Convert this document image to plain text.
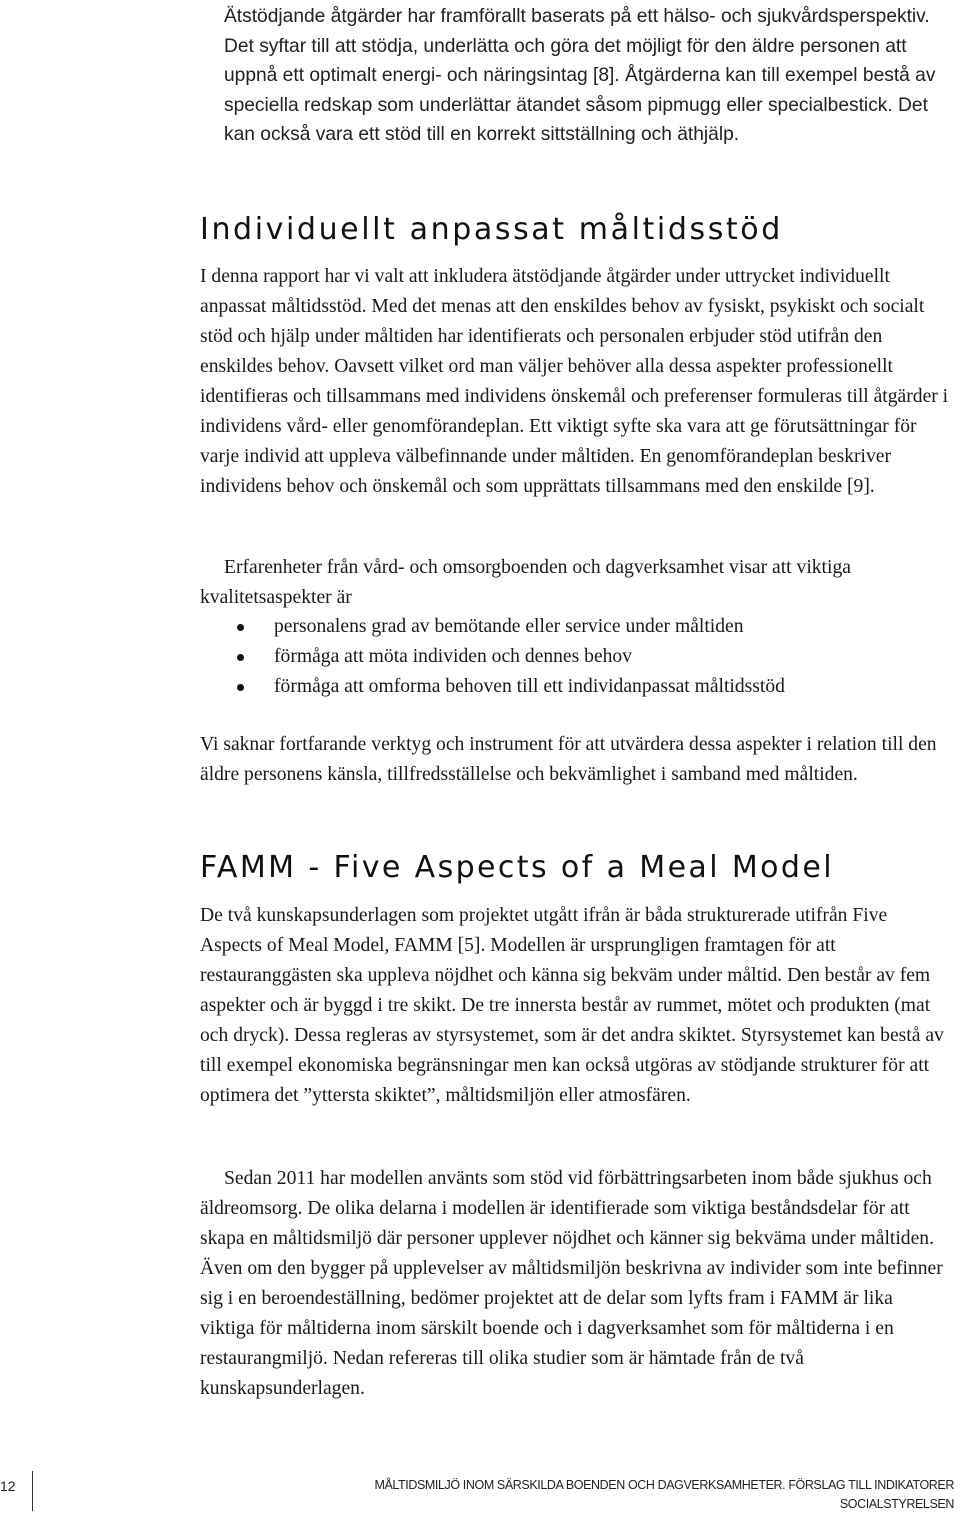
Ätstödjande åtgärder har framförallt baserats på ett hälso- och sjukvårdsperspektiv. Det syftar till att stödja, underlätta och göra det möjligt för den äldre personen att uppnå ett optimalt energi- och näringsintag [8]. Åtgärderna kan till exempel bestå av speciella redskap som underlättar ätandet såsom pipmugg eller specialbestick. Det kan också vara ett stöd till en korrekt sittställning och äthjälp.

Individuellt anpassat måltidsstöd

I denna rapport har vi valt att inkludera ätstödjande åtgärder under uttrycket individuellt anpassat måltidsstöd. Med det menas att den enskildes behov av fysiskt, psykiskt och socialt stöd och hjälp under måltiden har identifierats och personalen erbjuder stöd utifrån den enskildes behov. Oavsett vilket ord man väljer behöver alla dessa aspekter professionellt identifieras och tillsammans med individens önskemål och preferenser formuleras till åtgärder i individens vård- eller genomförandeplan. Ett viktigt syfte ska vara att ge förutsättningar för varje individ att uppleva välbefinnande under måltiden. En genomförandeplan beskriver individens behov och önskemål och som upprättats tillsammans med den enskilde [9].

Erfarenheter från vård- och omsorgboenden och dagverksamhet visar att viktiga kvalitetsaspekter är

personalens grad av bemötande eller service under måltiden
förmåga att möta individen och dennes behov
förmåga att omforma behoven till ett individanpassat måltidsstöd

Vi saknar fortfarande verktyg och instrument för att utvärdera dessa aspekter i relation till den äldre personens känsla, tillfredsställelse och bekvämlighet i samband med måltiden.

FAMM - Five Aspects of a Meal Model

De två kunskapsunderlagen som projektet utgått ifrån är båda strukturerade utifrån Five Aspects of Meal Model, FAMM [5]. Modellen är ursprungligen framtagen för att restauranggästen ska uppleva nöjdhet och känna sig bekväm under måltid. Den består av fem aspekter och är byggd i tre skikt. De tre innersta består av rummet, mötet och produkten (mat och dryck). Dessa regleras av styrsystemet, som är det andra skiktet. Styrsystemet kan bestå av till exempel ekonomiska begränsningar men kan också utgöras av stödjande strukturer för att optimera det ”yttersta skiktet”, måltidsmiljön eller atmosfären.

Sedan 2011 har modellen använts som stöd vid förbättringsarbeten inom både sjukhus och äldreomsorg. De olika delarna i modellen är identifierade som viktiga beståndsdelar för att skapa en måltidsmiljö där personer upplever nöjdhet och känner sig bekväma under måltiden. Även om den bygger på upplevelser av måltidsmiljön beskrivna av individer som inte befinner sig i en beroendeställning, bedömer projektet att de delar som lyfts fram i FAMM är lika viktiga för måltiderna inom särskilt boende och i dagverksamhet som för måltiderna i en restaurangmiljö. Nedan refereras till olika studier som är hämtade från de två kunskapsunderlagen.

12	MÅLTIDSMILJÖ INOM SÄRSKILDA BOENDEN OCH DAGVERKSAMHETER. FÖRSLAG TILL INDIKATORER
SOCIALSTYRELSEN
